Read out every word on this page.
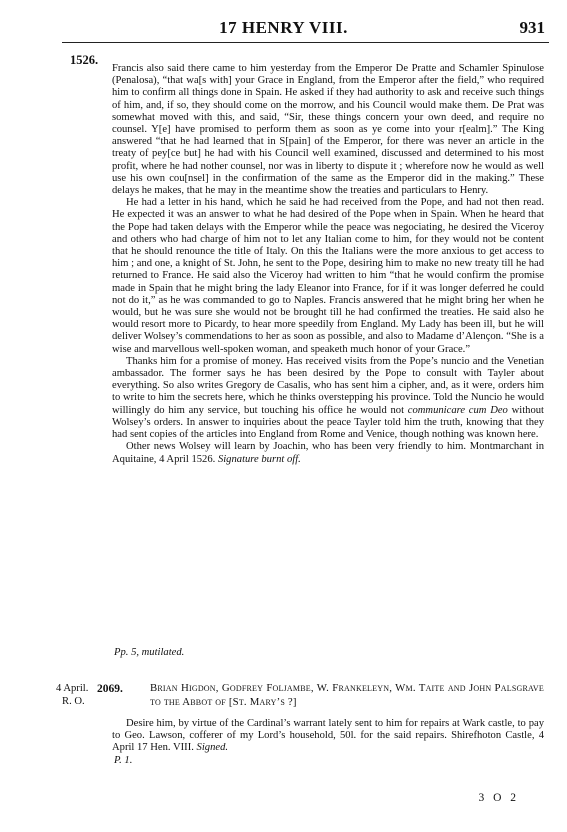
17 HENRY VIII.	931
1526.

Francis also said there came to him yesterday from the Emperor De Pratte and Schamler Spinulose (Penalosa), “that wa[s with] your Grace in England, from the Emperor after the field,” who required him to confirm all things done in Spain. He asked if they had authority to ask and receive such things of him, and, if so, they should come on the morrow, and his Council would make them. De Prat was somewhat moved with this, and said, “Sir, these things concern your own deed, and require no counsel. Y[e] have promised to perform them as soon as ye come into your r[ealm].” The King answered “that he had learned that in S[pain] of the Emperor, for there was never an article in the treaty of pey[ce but] he had with his Council well examined, discussed and determined to his most profit, where he had nother counsel, nor was in liberty to dispute it ; wherefore now he would as well use his own cou[nsel] in the confirmation of the same as the Emperor did in the making.” These delays he makes, that he may in the meantime show the treaties and particulars to Henry.

He had a letter in his hand, which he said he had received from the Pope, and had not then read. He expected it was an answer to what he had desired of the Pope when in Spain. When he heard that the Pope had taken delays with the Emperor while the peace was negociating, he desired the Viceroy and others who had charge of him not to let any Italian come to him, for they would not be content that he should renounce the title of Italy. On this the Italians were the more anxious to get access to him ; and one, a knight of St. John, he sent to the Pope, desiring him to make no new treaty till he had returned to France. He said also the Viceroy had written to him “that he would confirm the promise made in Spain that he might bring the lady Eleanor into France, for if it was longer deferred he could not do it,” as he was commanded to go to Naples. Francis answered that he might bring her when he would, but he was sure she would not be brought till he had confirmed the treaties. He said also he would resort more to Picardy, to hear more speedily from England. My Lady has been ill, but he will deliver Wolsey’s commendations to her as soon as possible, and also to Madame d’Alençon. “She is a wise and marvellous well-spoken woman, and speaketh much honor of your Grace.”

Thanks him for a promise of money. Has received visits from the Pope’s nuncio and the Venetian ambassador. The former says he has been desired by the Pope to consult with Tayler about everything. So also writes Gregory de Casalis, who has sent him a cipher, and, as it were, orders him to write to him the secrets here, which he thinks overstepping his province. Told the Nuncio he would willingly do him any service, but touching his office he would not communicare cum Deo without Wolsey’s orders. In answer to inquiries about the peace Tayler told him the truth, knowing that they had sent copies of the articles into England from Rome and Venice, though nothing was known here.

Other news Wolsey will learn by Joachin, who has been very friendly to him. Montmarchant in Aquitaine, 4 April 1526. Signature burnt off.

Pp. 5, mutilated.
4 April.
R. O.
2069.	Brian Higdon, Godfrey Foljambe, W. Frankeleyn, Wm. Taite and John Palsgrave to the Abbot of [St. Mary’s ?]

Desire him, by virtue of the Cardinal’s warrant lately sent to him for repairs at Wark castle, to pay to Geo. Lawson, cofferer of my Lord’s household, 50l. for the said repairs. Shirefhoton Castle, 4 April 17 Hen. VIII. Signed.

P. 1.
3 O 2
